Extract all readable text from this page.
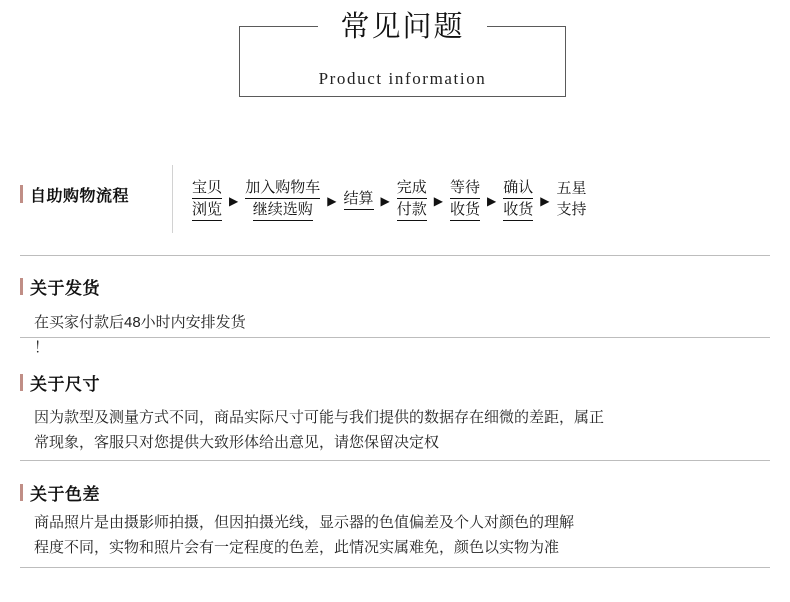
常见问题
Product information
自助购物流程	宝贝
浏览 ▶
加入购物车
继续选购 ▶ 结算 ▶
完成
付款 ▶
等待
收货 ▶
确认
收货 ▶
五星
支持
关于发货
在买家付款后48小时内安排发货
！
关于尺寸
因为款型及测量方式不同，商品实际尺寸可能与我们提供的数据存在细微的差距，属正
常现象，客服只对您提供大致形体给出意见，请您保留决定权
关于色差
商品照片是由摄影师拍摄，但因拍摄光线，显示器的色值偏差及个人对颜色的理解
程度不同，实物和照片会有一定程度的色差，此情况实属难免，颜色以实物为准
